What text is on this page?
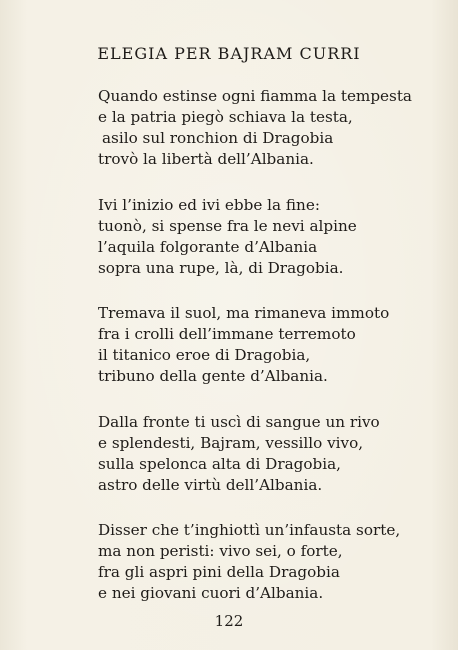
ELEGIA PER BAJRAM CURRI
Quando estinse ogni fiamma la tempesta
e la patria piegò schiava la testa,
asilo sul ronchion di Dragobia
trovò la libertà dell’Albania.
Ivi l’inizio ed ivi ebbe la fine:
tuonò, si spense fra le nevi alpine
l’aquila folgorante d’Albania
sopra una rupe, là, di Dragobia.
Tremava il suol, ma rimaneva immoto
fra i crolli dell’immane terremoto
il titanico eroe di Dragobia,
tribuno della gente d’Albania.
Dalla fronte ti uscì di sangue un rivo
e splendesti, Bajram, vessillo vivo,
sulla spelonca alta di Dragobia,
astro delle virtù dell’Albania.
Disser che t’inghiottì un’infausta sorte,
ma non peristi: vivo sei, o forte,
fra gli aspri pini della Dragobia
e nei giovani cuori d’Albania.
122
